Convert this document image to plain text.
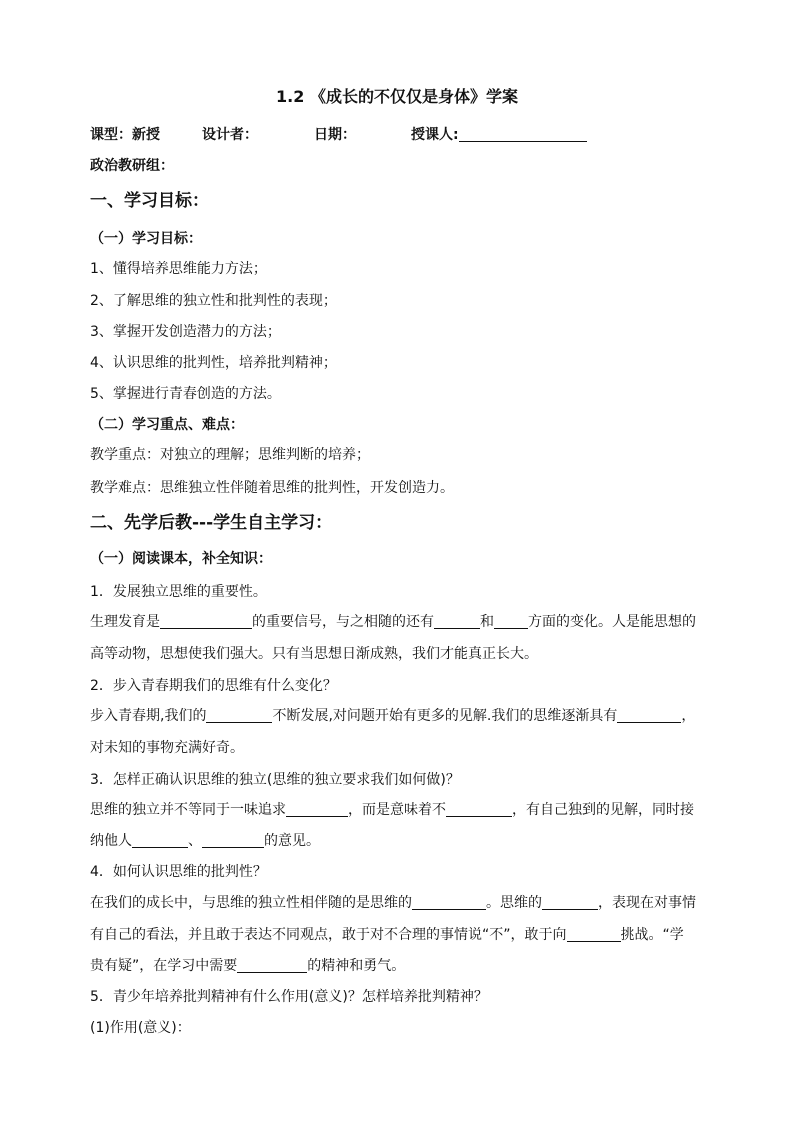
1.2 《成长的不仅仅是身体》学案
课型：新授	设计者：	日期：	授课人:
政治教研组：
一、学习目标：
（一）学习目标：
1、懂得培养思维能力方法；
2、了解思维的独立性和批判性的表现；
3、掌握开发创造潜力的方法；
4、认识思维的批判性，培养批判精神；
5、掌握进行青春创造的方法。
（二）学习重点、难点：
教学重点：对独立的理解；思维判断的培养；
教学难点：思维独立性伴随着思维的批判性，开发创造力。
二、先学后教---学生自主学习：
（一）阅读课本，补全知识：
1．发展独立思维的重要性。
生理发育是	的重要信号，与之相随的还有	和 方面的变化。人是能思想的
高等动物，思想使我们强大。只有当思想日渐成熟，我们才能真正长大。
2．步入青春期我们的思维有什么变化？
步入青春期,我们的	不断发展,对问题开始有更多的见解.我们的思维逐渐具有	，
对未知的事物充满好奇。
3．怎样正确认识思维的独立(思维的独立要求我们如何做)？
思维的独立并不等同于一味追求	，而是意味着不	，有自己独到的见解，同时接
纳他人	、	的意见。
4．如何认识思维的批判性？
在我们的成长中，与思维的独立性相伴随的是思维的	。思维的	，表现在对事情
有自己的看法，并且敢于表达不同观点，敢于对不合理的事情说“不”，敢于向	挑战。“学
贵有疑”，在学习中需要	的精神和勇气。
5．青少年培养批判精神有什么作用(意义)？怎样培养批判精神？
(1)作用(意义)：
